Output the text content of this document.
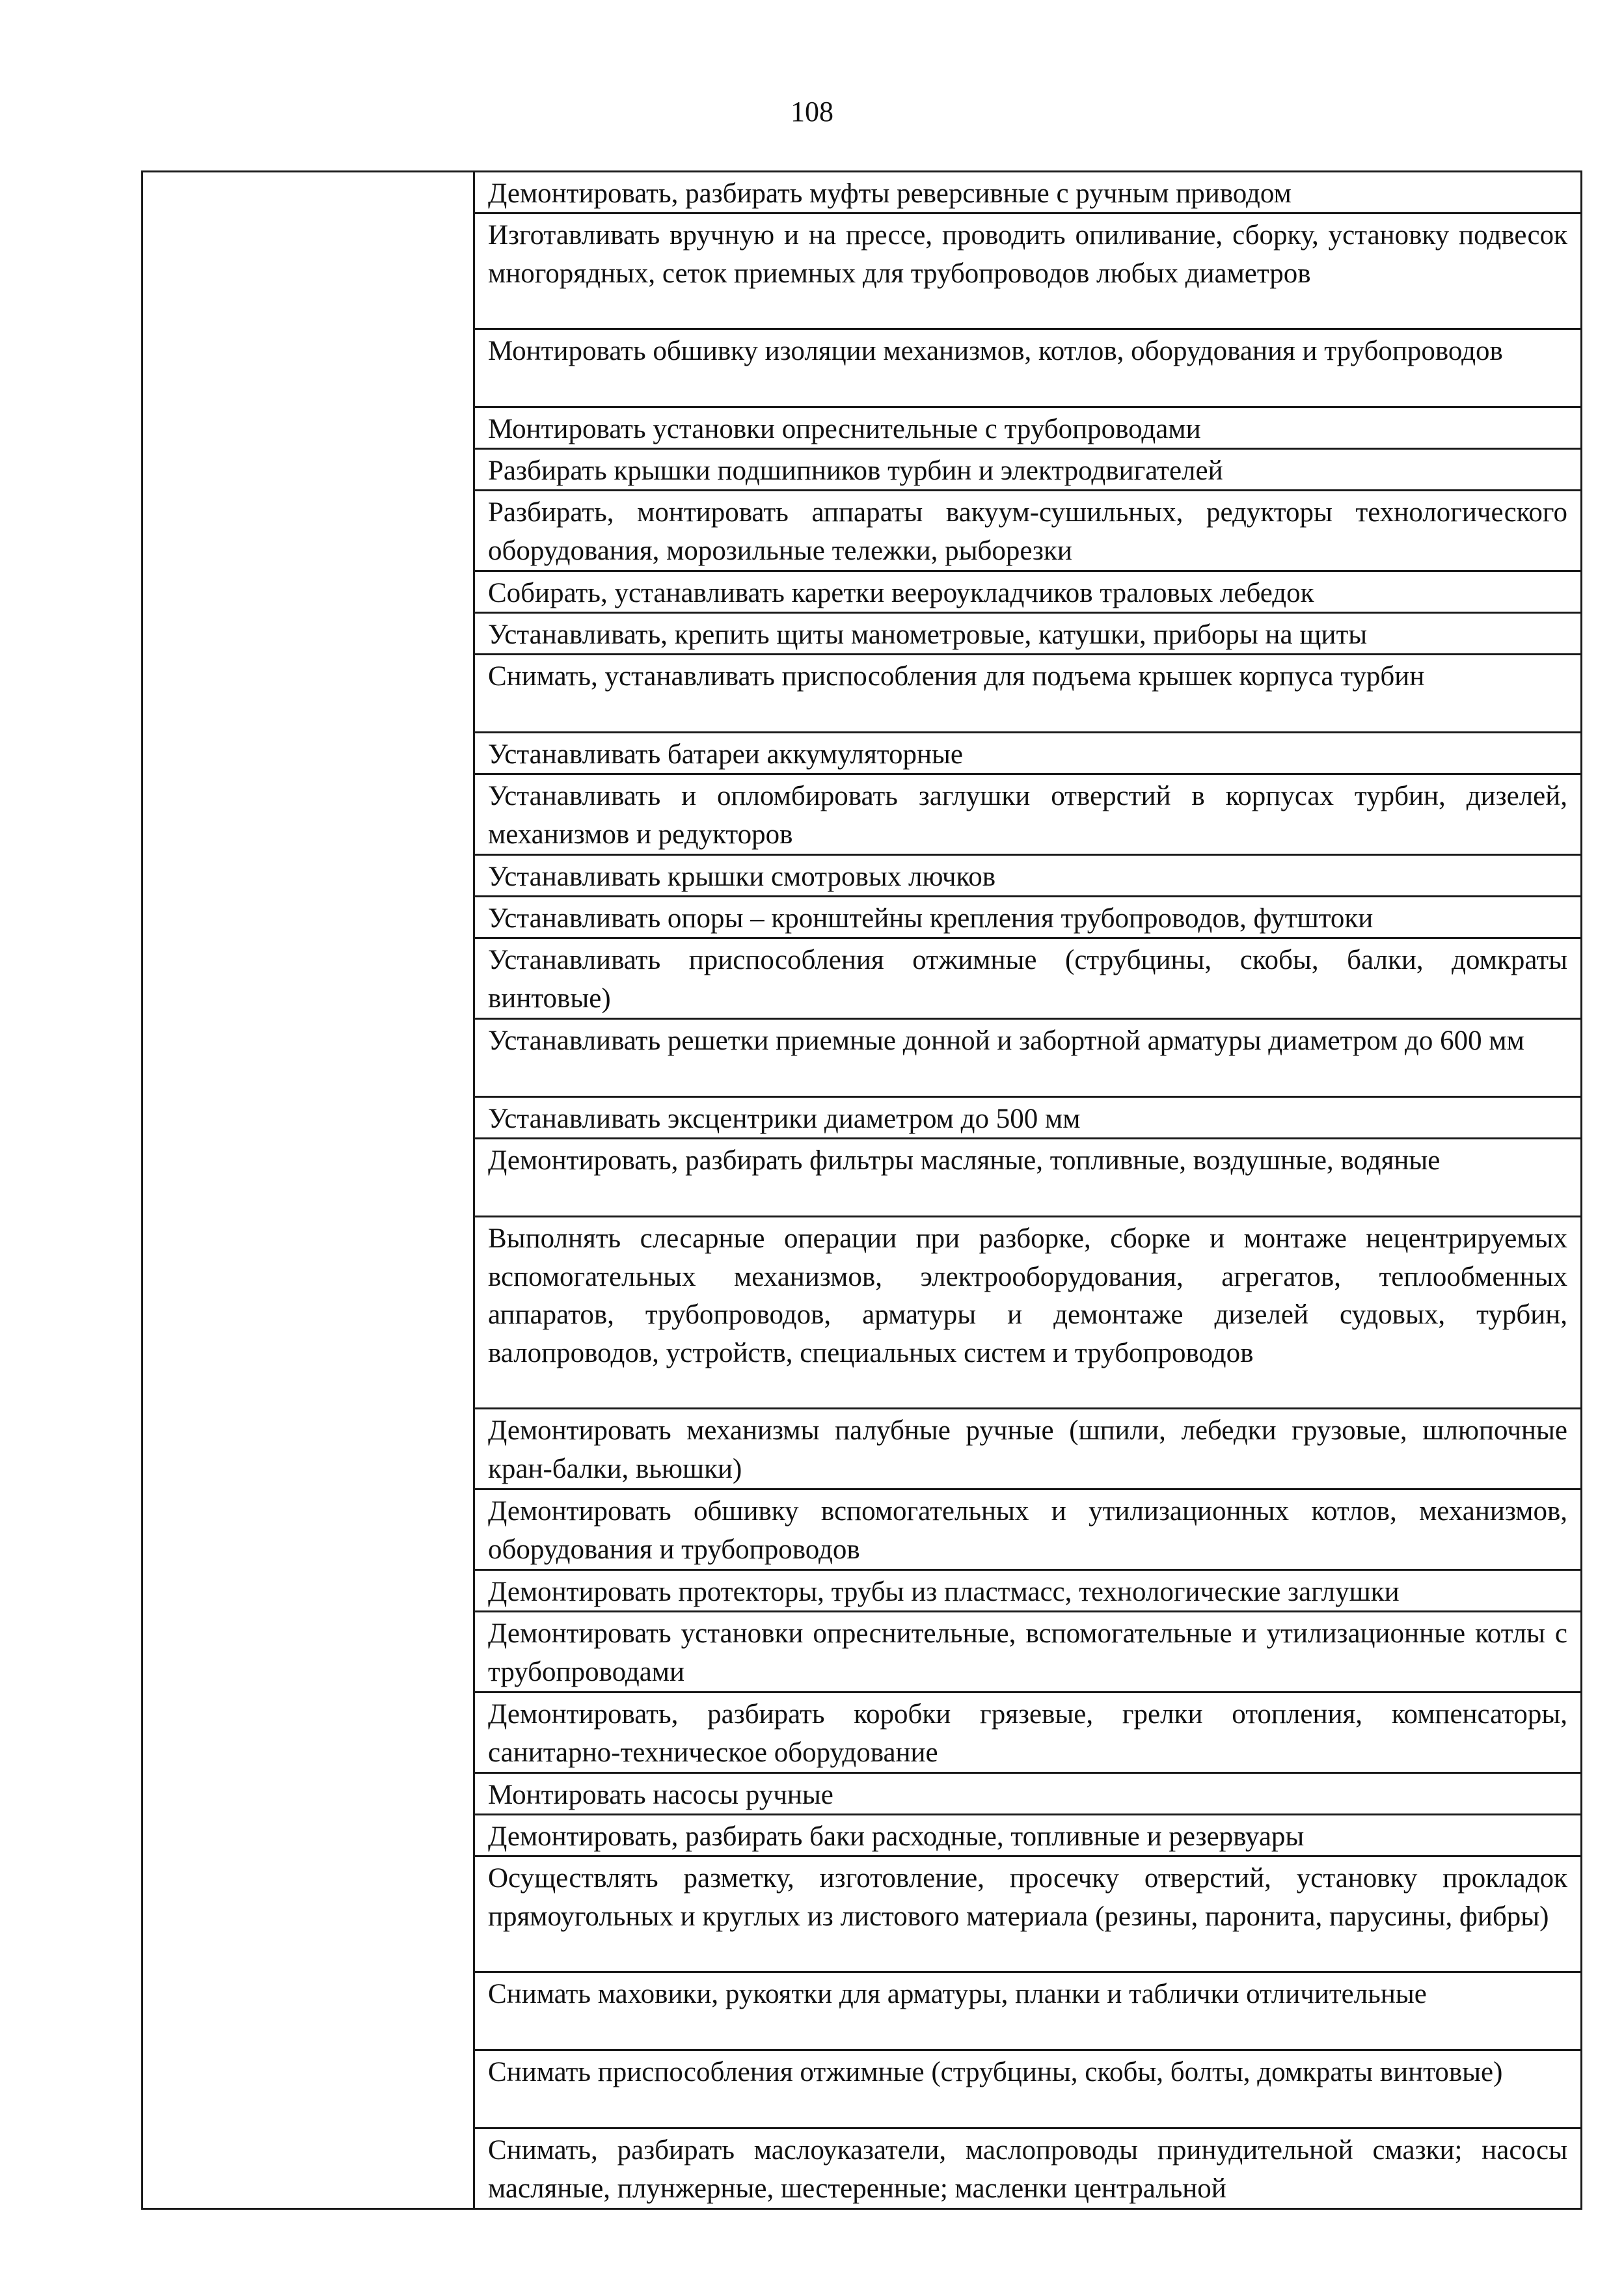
108

Демонтировать, разбирать муфты реверсивные с ручным приводом

Изготавливать вручную и на прессе, проводить опиливание, сборку, установку подвесок многорядных, сеток приемных для трубопроводов любых диаметров

Монтировать обшивку изоляции механизмов, котлов, оборудования и трубопроводов

Монтировать установки опреснительные с трубопроводами

Разбирать крышки подшипников турбин и электродвигателей

Разбирать, монтировать аппараты вакуум-сушильных, редукторы технологического оборудования, морозильные тележки, рыборезки

Собирать, устанавливать каретки веероукладчиков траловых лебедок

Устанавливать, крепить щиты манометровые, катушки, приборы на щиты

Снимать, устанавливать приспособления для подъема крышек корпуса турбин

Устанавливать батареи аккумуляторные

Устанавливать и опломбировать заглушки отверстий в корпусах турбин, дизелей, механизмов и редукторов

Устанавливать крышки смотровых лючков

Устанавливать опоры – кронштейны крепления трубопроводов, футштоки

Устанавливать приспособления отжимные (струбцины, скобы, балки, домкраты винтовые)

Устанавливать решетки приемные донной и забортной арматуры диаметром до 600 мм

Устанавливать эксцентрики диаметром до 500 мм

Демонтировать, разбирать фильтры масляные, топливные, воздушные, водяные

Выполнять слесарные операции при разборке, сборке и монтаже нецентрируемых вспомогательных механизмов, электрооборудования, агрегатов, теплообменных аппаратов, трубопроводов, арматуры и демонтаже дизелей судовых, турбин, валопроводов, устройств, специальных систем и трубопроводов

Демонтировать механизмы палубные ручные (шпили, лебедки грузовые, шлюпочные кран-балки, вьюшки)

Демонтировать обшивку вспомогательных и утилизационных котлов, механизмов, оборудования и трубопроводов

Демонтировать протекторы, трубы из пластмасс, технологические заглушки

Демонтировать установки опреснительные, вспомогательные и утилизационные котлы с трубопроводами

Демонтировать, разбирать коробки грязевые, грелки отопления, компенсаторы, санитарно-техническое оборудование

Монтировать насосы ручные

Демонтировать, разбирать баки расходные, топливные и резервуары

Осуществлять разметку, изготовление, просечку отверстий, установку прокладок прямоугольных и круглых из листового материала (резины, паронита, парусины, фибры)

Снимать маховики, рукоятки для арматуры, планки и таблички отличительные

Снимать приспособления отжимные (струбцины, скобы, болты, домкраты винтовые)

Снимать, разбирать маслоуказатели, маслопроводы принудительной смазки; насосы масляные, плунжерные, шестеренные; масленки центральной
